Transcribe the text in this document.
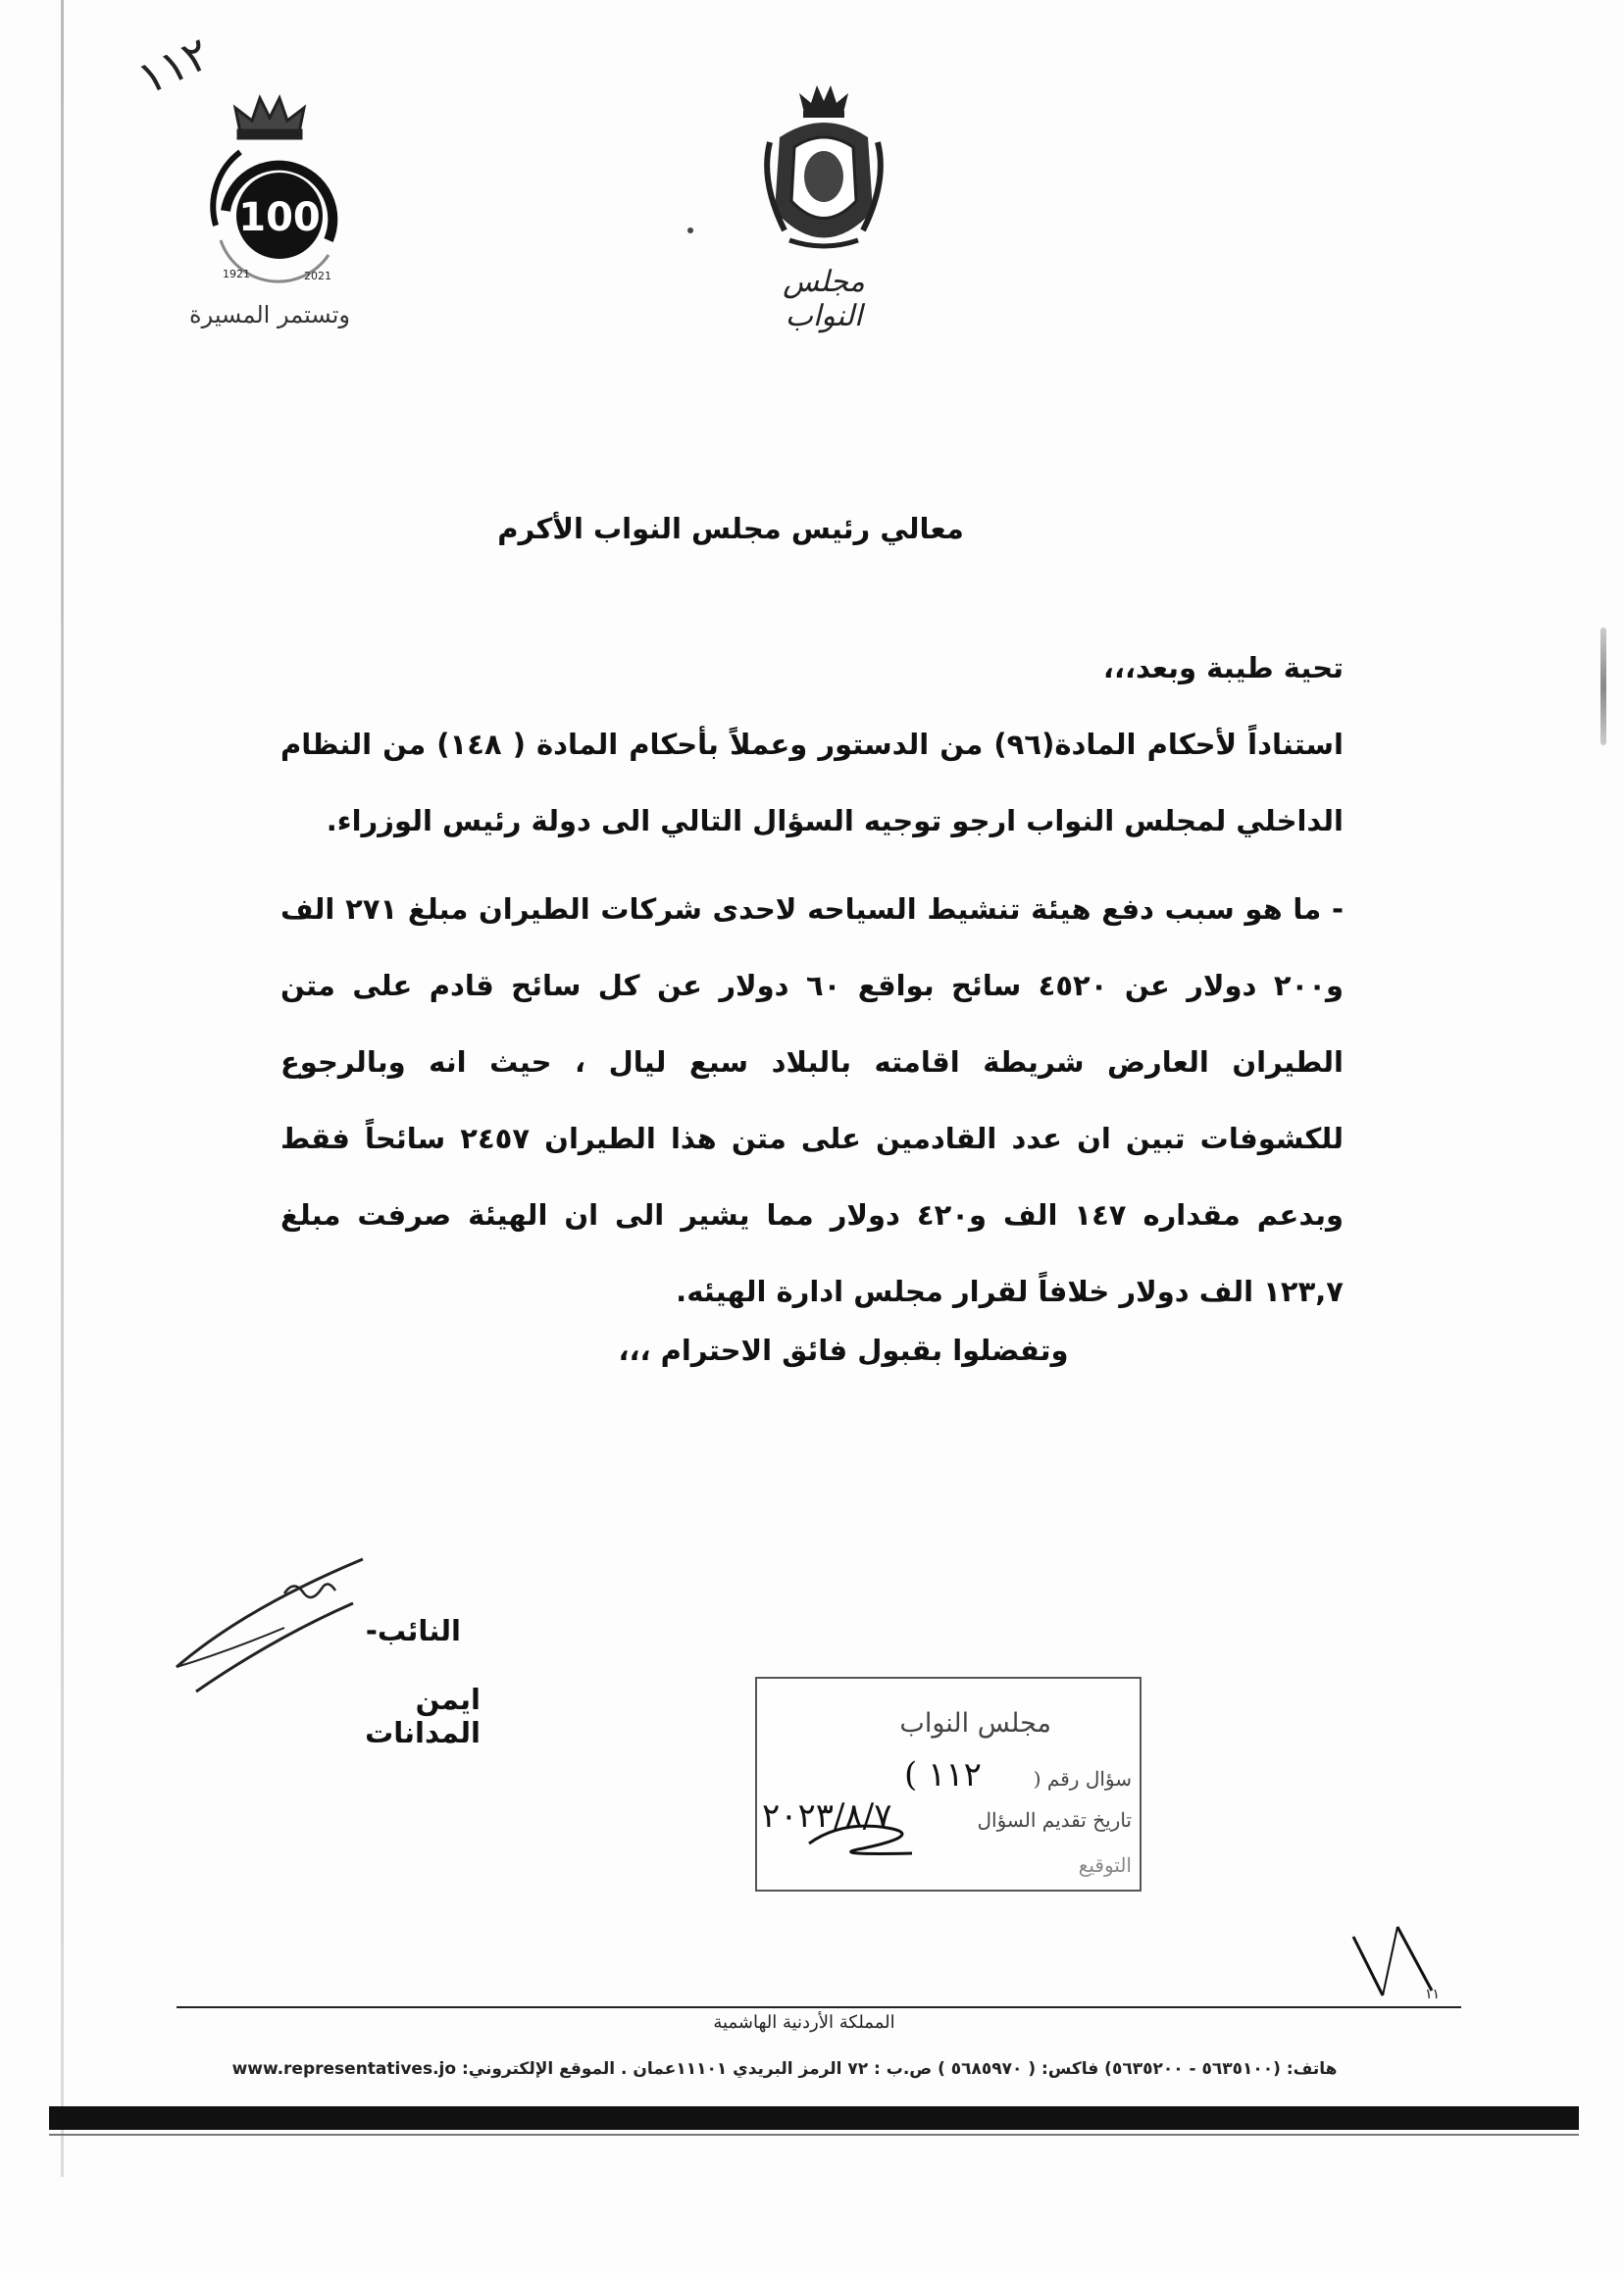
١١٢
100
1921	2021
وتستمر المسيرة
مجلس النواب
معالي رئيس مجلس النواب الأكرم
تحية طيبة وبعد،،،
استناداً لأحكام المادة(٩٦) من الدستور وعملاً بأحكام المادة ( ١٤٨) من النظام الداخلي لمجلس النواب ارجو توجيه السؤال التالي الى دولة رئيس الوزراء.
- ما هو سبب دفع هيئة تنشيط السياحه لاحدى شركات الطيران مبلغ ٢٧١ الف و٢٠٠ دولار عن ٤٥٢٠ سائح بواقع ٦٠ دولار عن كل سائح قادم على متن الطيران العارض شريطة اقامته بالبلاد سبع ليال ، حيث انه وبالرجوع للكشوفات تبين ان عدد القادمين على متن هذا الطيران ٢٤٥٧ سائحاً فقط وبدعم مقداره ١٤٧ الف و٤٢٠ دولار مما يشير الى ان الهيئة صرفت مبلغ ١٢٣,٧ الف دولار خلافاً لقرار مجلس ادارة الهيئه.
وتفضلوا بقبول فائق الاحترام ،،،
النائب-
ايمن المدانات	مجلس النواب
سؤال رقم (
١١٢ )
تاريخ تقديم السؤال
٢٠٢٣/٨/٧
التوقيع
١١
المملكة الأردنية الهاشمية
هاتف: (٥٦٣٥١٠٠ - ٥٦٣٥٢٠٠) فاكس: ( ٥٦٨٥٩٧٠ ) ص.ب : ٧٢ الرمز البريدي ١١١٠١عمان . الموقع الإلكتروني: www.representatives.jo
